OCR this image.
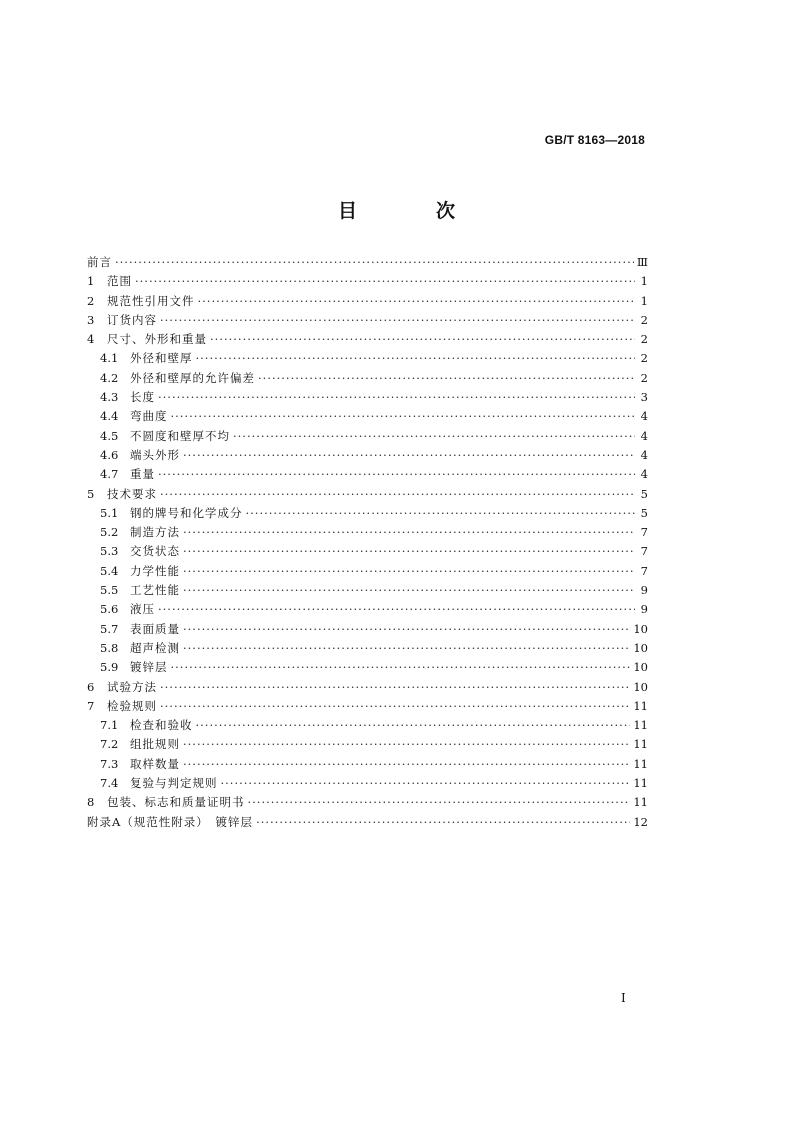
GB/T 8163—2018
目　次
前言 ·····	Ⅲ
1	范围 ·····	1
2	规范性引用文件 ·····	1
3	订货内容 ·····	2
4	尺寸、外形和重量 ·····	2
4.1	外径和壁厚 ·····	2
4.2	外径和壁厚的允许偏差 ·····	2
4.3	长度 ·····	3
4.4	弯曲度 ·····	4
4.5	不圆度和壁厚不均 ·····	4
4.6	端头外形 ·····	4
4.7	重量 ·····	4
5	技术要求 ·····	5
5.1	钢的牌号和化学成分 ·····	5
5.2	制造方法 ·····	7
5.3	交货状态 ·····	7
5.4	力学性能 ·····	7
5.5	工艺性能 ·····	9
5.6	液压 ·····	9
5.7	表面质量 ·····	10
5.8	超声检测 ·····	10
5.9	镀锌层 ·····	10
6	试验方法 ·····	10
7	检验规则 ·····	11
7.1	检查和验收 ·····	11
7.2	组批规则 ·····	11
7.3	取样数量 ·····	11
7.4	复验与判定规则 ·····	11
8	包装、标志和质量证明书 ·····	11
附录A（规范性附录）　镀锌层 ·····	12
I
